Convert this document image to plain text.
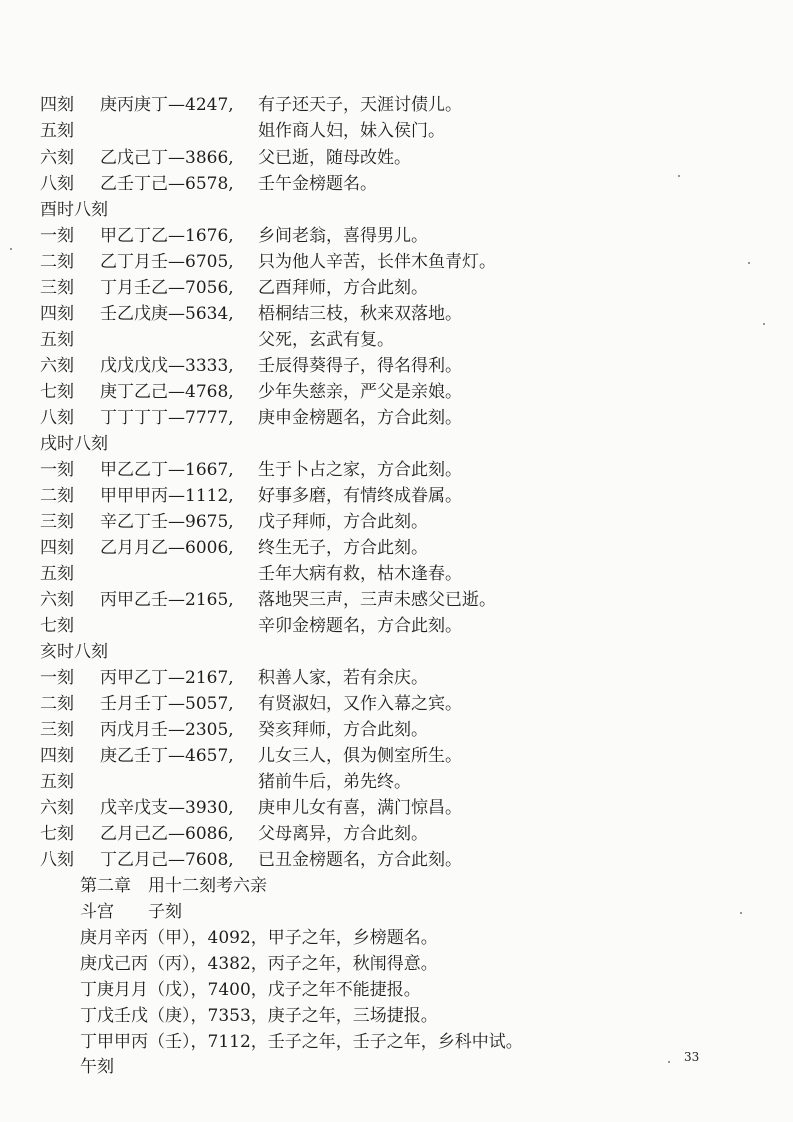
四刻 庚丙庚丁—4247, 有子还天子，天涯讨债儿。
五刻	姐作商人妇，妹入侯门。
六刻 乙戊己丁—3866, 父已逝，随母改姓。
八刻 乙壬丁己—6578, 壬午金榜题名。
酉时八刻
一刻 甲乙丁乙—1676, 乡间老翁，喜得男儿。
二刻 乙丁月壬—6705, 只为他人辛苦，长伴木鱼青灯。
三刻 丁月壬乙—7056, 乙酉拜师，方合此刻。
四刻 壬乙戊庚—5634, 梧桐结三枝，秋来双落地。
五刻	父死，玄武有复。
六刻 戊戊戊戊—3333, 壬辰得葵得子，得名得利。
七刻 庚丁乙己—4768, 少年失慈亲，严父是亲娘。
八刻 丁丁丁丁—7777, 庚申金榜题名，方合此刻。
戌时八刻
一刻 甲乙乙丁—1667, 生于卜占之家，方合此刻。
二刻 甲甲甲丙—1112, 好事多磨，有情终成眷属。
三刻 辛乙丁壬—9675, 戊子拜师，方合此刻。
四刻 乙月月乙—6006, 终生无子，方合此刻。
五刻	壬年大病有救，枯木逢春。
六刻 丙甲乙壬—2165, 落地哭三声，三声未感父已逝。
七刻	辛卯金榜题名，方合此刻。
亥时八刻
一刻 丙甲乙丁—2167, 积善人家，若有余庆。
二刻 壬月壬丁—5057, 有贤淑妇，又作入幕之宾。
三刻 丙戊月壬—2305, 癸亥拜师，方合此刻。
四刻 庚乙壬丁—4657, 儿女三人，俱为侧室所生。
五刻	猪前牛后，弟先终。
六刻 戊辛戊支—3930, 庚申儿女有喜，满门惊昌。
七刻 乙月己乙—6086, 父母离异，方合此刻。
八刻 丁乙月己—7608, 已丑金榜题名，方合此刻。
第二章　用十二刻考六亲
斗宫　　子刻
庚月辛丙（甲），4092，甲子之年，乡榜题名。
庚戊己丙（丙），4382，丙子之年，秋闱得意。
丁庚月月（戊），7400，戊子之年不能捷报。
丁戊壬戊（庚），7353，庚子之年，三场捷报。
丁甲甲丙（壬），7112，壬子之年，壬子之年，乡科中试。
午刻	33
